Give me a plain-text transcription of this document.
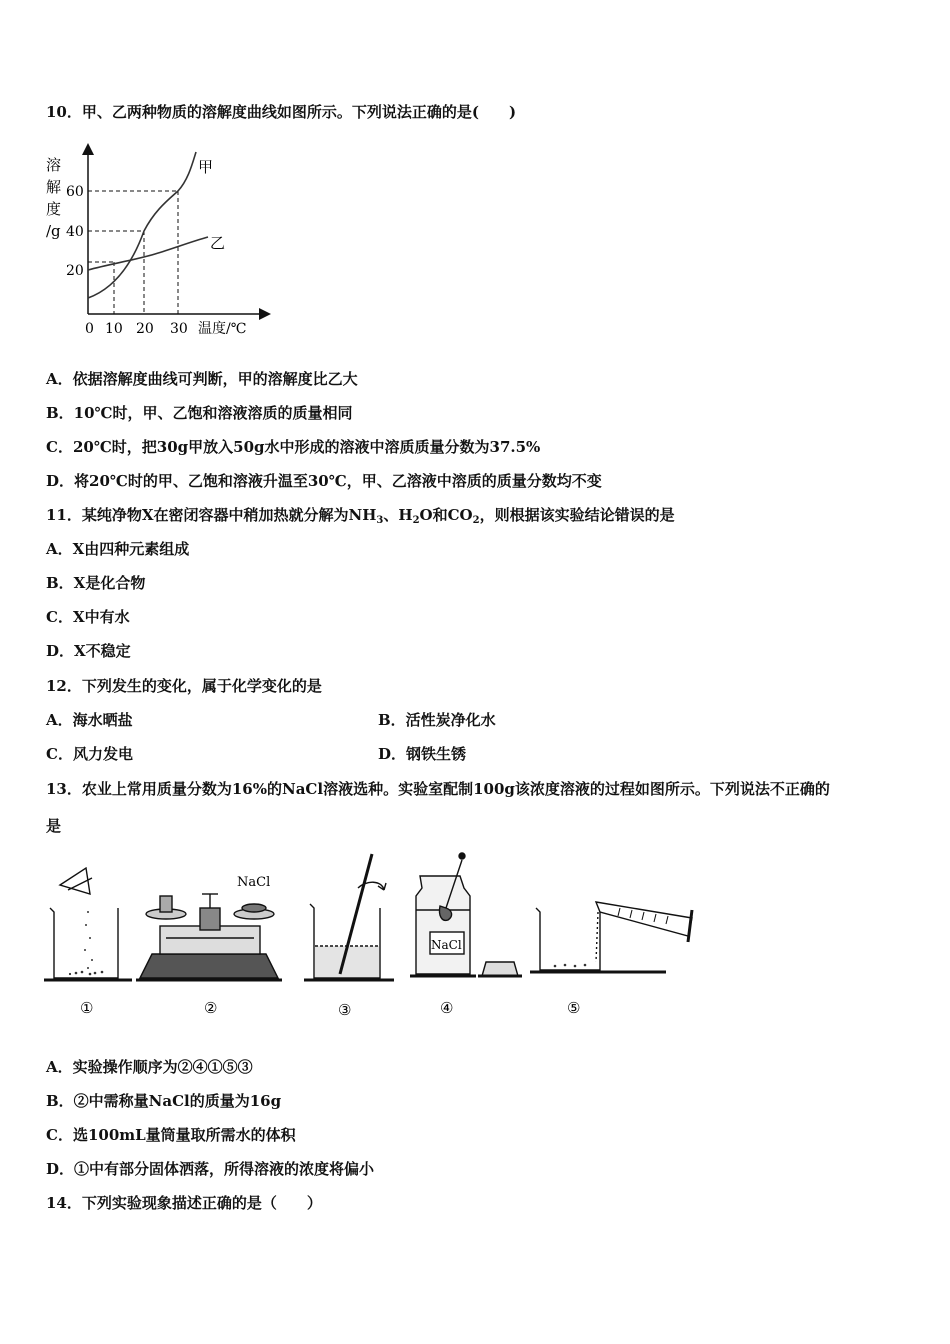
10．甲、乙两种物质的溶解度曲线如图所示。下列说法正确的是(　　)
溶
解
度
/g
20
40
60
0 10 20 30 温度/℃
甲
乙
A．依据溶解度曲线可判断，甲的溶解度比乙大
B．10℃时，甲、乙饱和溶液溶质的质量相同
C．20℃时，把30g甲放入50g水中形成的溶液中溶质质量分数为37.5%
D．将20℃时的甲、乙饱和溶液升温至30℃，甲、乙溶液中溶质的质量分数均不变
11．某纯净物X在密闭容器中稍加热就分解为$NH_3$、$H_2O$和$CO_2$，则根据该实验结论错误的是
A．X由四种元素组成
B．X是化合物
C．X中有水
D．X不稳定
12．下列发生的变化，属于化学变化的是
A．海水晒盐	B．活性炭净化水
C．风力发电	D．钢铁生锈
13．农业上常用质量分数为16%的NaCl溶液选种。实验室配制100g该浓度溶液的过程如图所示。下列说法不正确的
是
NaCl
NaCl
①	②	③	④	⑤
A．实验操作顺序为②④①⑤③
B．②中需称量NaCl的质量为16g
C．选100mL量筒量取所需水的体积
D．①中有部分固体洒落，所得溶液的浓度将偏小
14．下列实验现象描述正确的是（　　）
